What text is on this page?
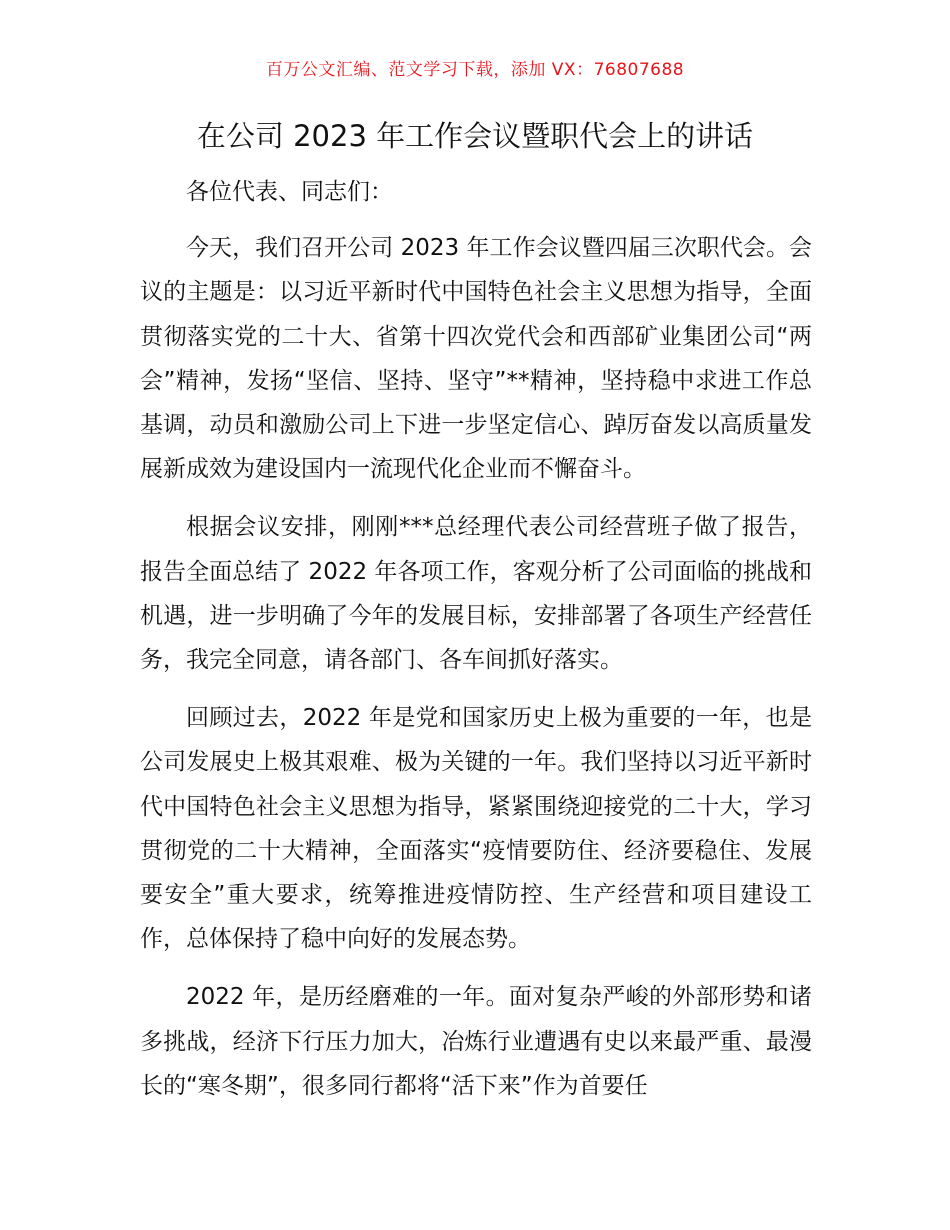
百万公文汇编、范文学习下载，添加 VX：76807688
在公司 2023 年工作会议暨职代会上的讲话

各位代表、同志们：

今天，我们召开公司 2023 年工作会议暨四届三次职代会。会议的主题是：以习近平新时代中国特色社会主义思想为指导，全面贯彻落实党的二十大、省第十四次党代会和西部矿业集团公司“两会”精神，发扬“坚信、坚持、坚守”**精神，坚持稳中求进工作总基调，动员和激励公司上下进一步坚定信心、踔厉奋发以高质量发展新成效为建设国内一流现代化企业而不懈奋斗。

根据会议安排，刚刚***总经理代表公司经营班子做了报告，报告全面总结了 2022 年各项工作，客观分析了公司面临的挑战和机遇，进一步明确了今年的发展目标，安排部署了各项生产经营任务，我完全同意，请各部门、各车间抓好落实。

回顾过去，2022 年是党和国家历史上极为重要的一年，也是公司发展史上极其艰难、极为关键的一年。我们坚持以习近平新时代中国特色社会主义思想为指导，紧紧围绕迎接党的二十大，学习贯彻党的二十大精神，全面落实“疫情要防住、经济要稳住、发展要安全”重大要求，统筹推进疫情防控、生产经营和项目建设工作，总体保持了稳中向好的发展态势。

2022 年，是历经磨难的一年。面对复杂严峻的外部形势和诸多挑战，经济下行压力加大，冶炼行业遭遇有史以来最严重、最漫长的“寒冬期”，很多同行都将“活下来”作为首要任
